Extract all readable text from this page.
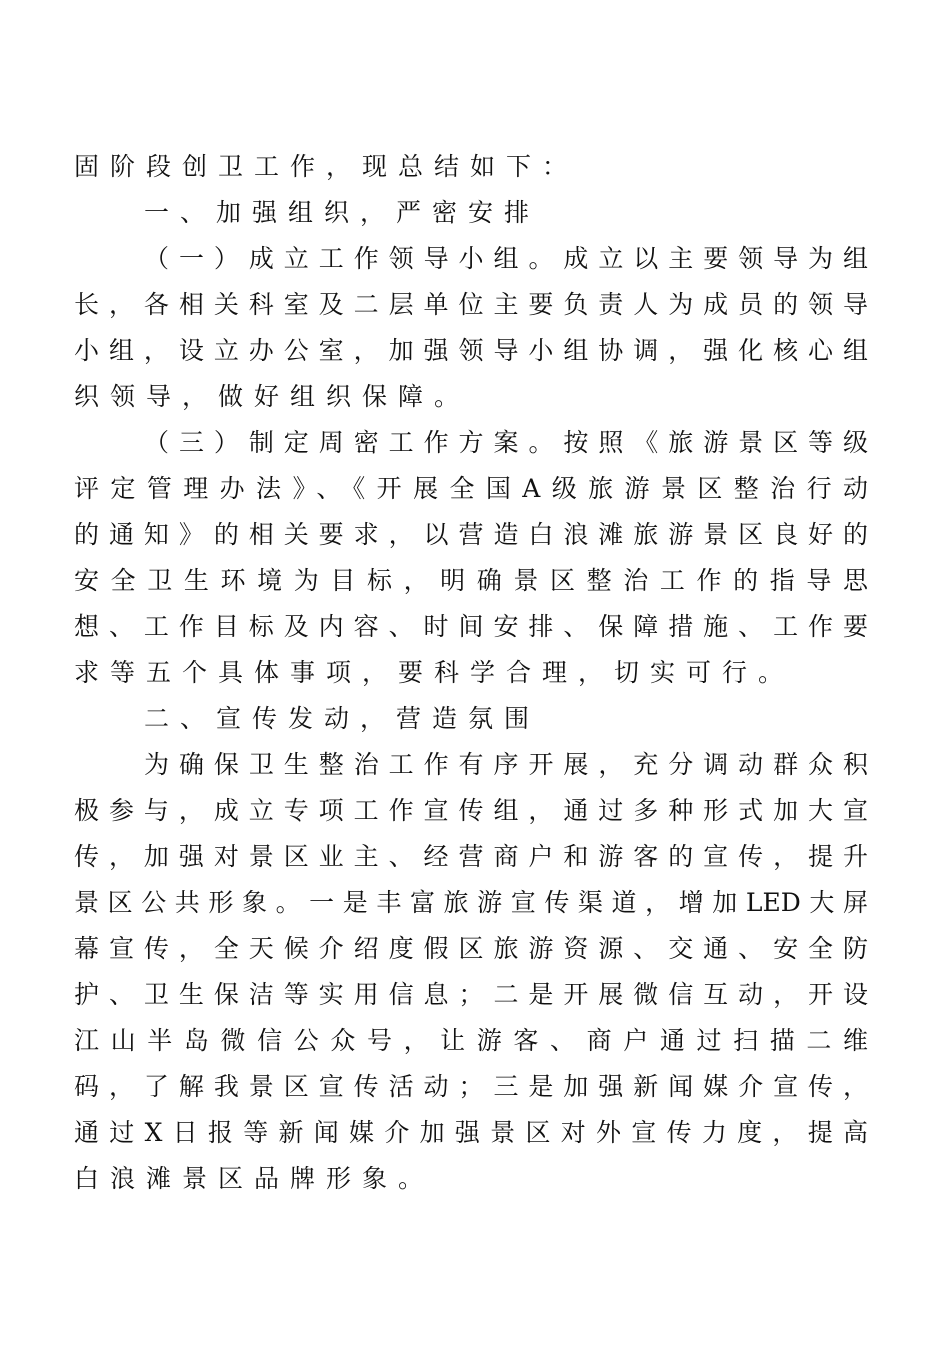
固阶段创卫工作，现总结如下：
一、加强组织，严密安排
（一）成立工作领导小组。成立以主要领导为组
长，各相关科室及二层单位主要负责人为成员的领导
小组，设立办公室，加强领导小组协调，强化核心组
织领导，做好组织保障。
（三）制定周密工作方案。按照《旅游景区等级
评定管理办法》、《开展全国A级旅游景区整治行动
的通知》的相关要求，以营造白浪滩旅游景区良好的
安全卫生环境为目标，明确景区整治工作的指导思
想、工作目标及内容、时间安排、保障措施、工作要
求等五个具体事项，要科学合理，切实可行。
二、宣传发动，营造氛围
为确保卫生整治工作有序开展，充分调动群众积
极参与，成立专项工作宣传组，通过多种形式加大宣
传，加强对景区业主、经营商户和游客的宣传，提升
景区公共形象。一是丰富旅游宣传渠道，增加LED大屏
幕宣传，全天候介绍度假区旅游资源、交通、安全防
护、卫生保洁等实用信息；二是开展微信互动，开设
江山半岛微信公众号，让游客、商户通过扫描二维
码，了解我景区宣传活动；三是加强新闻媒介宣传，
通过X日报等新闻媒介加强景区对外宣传力度，提高
白浪滩景区品牌形象。
